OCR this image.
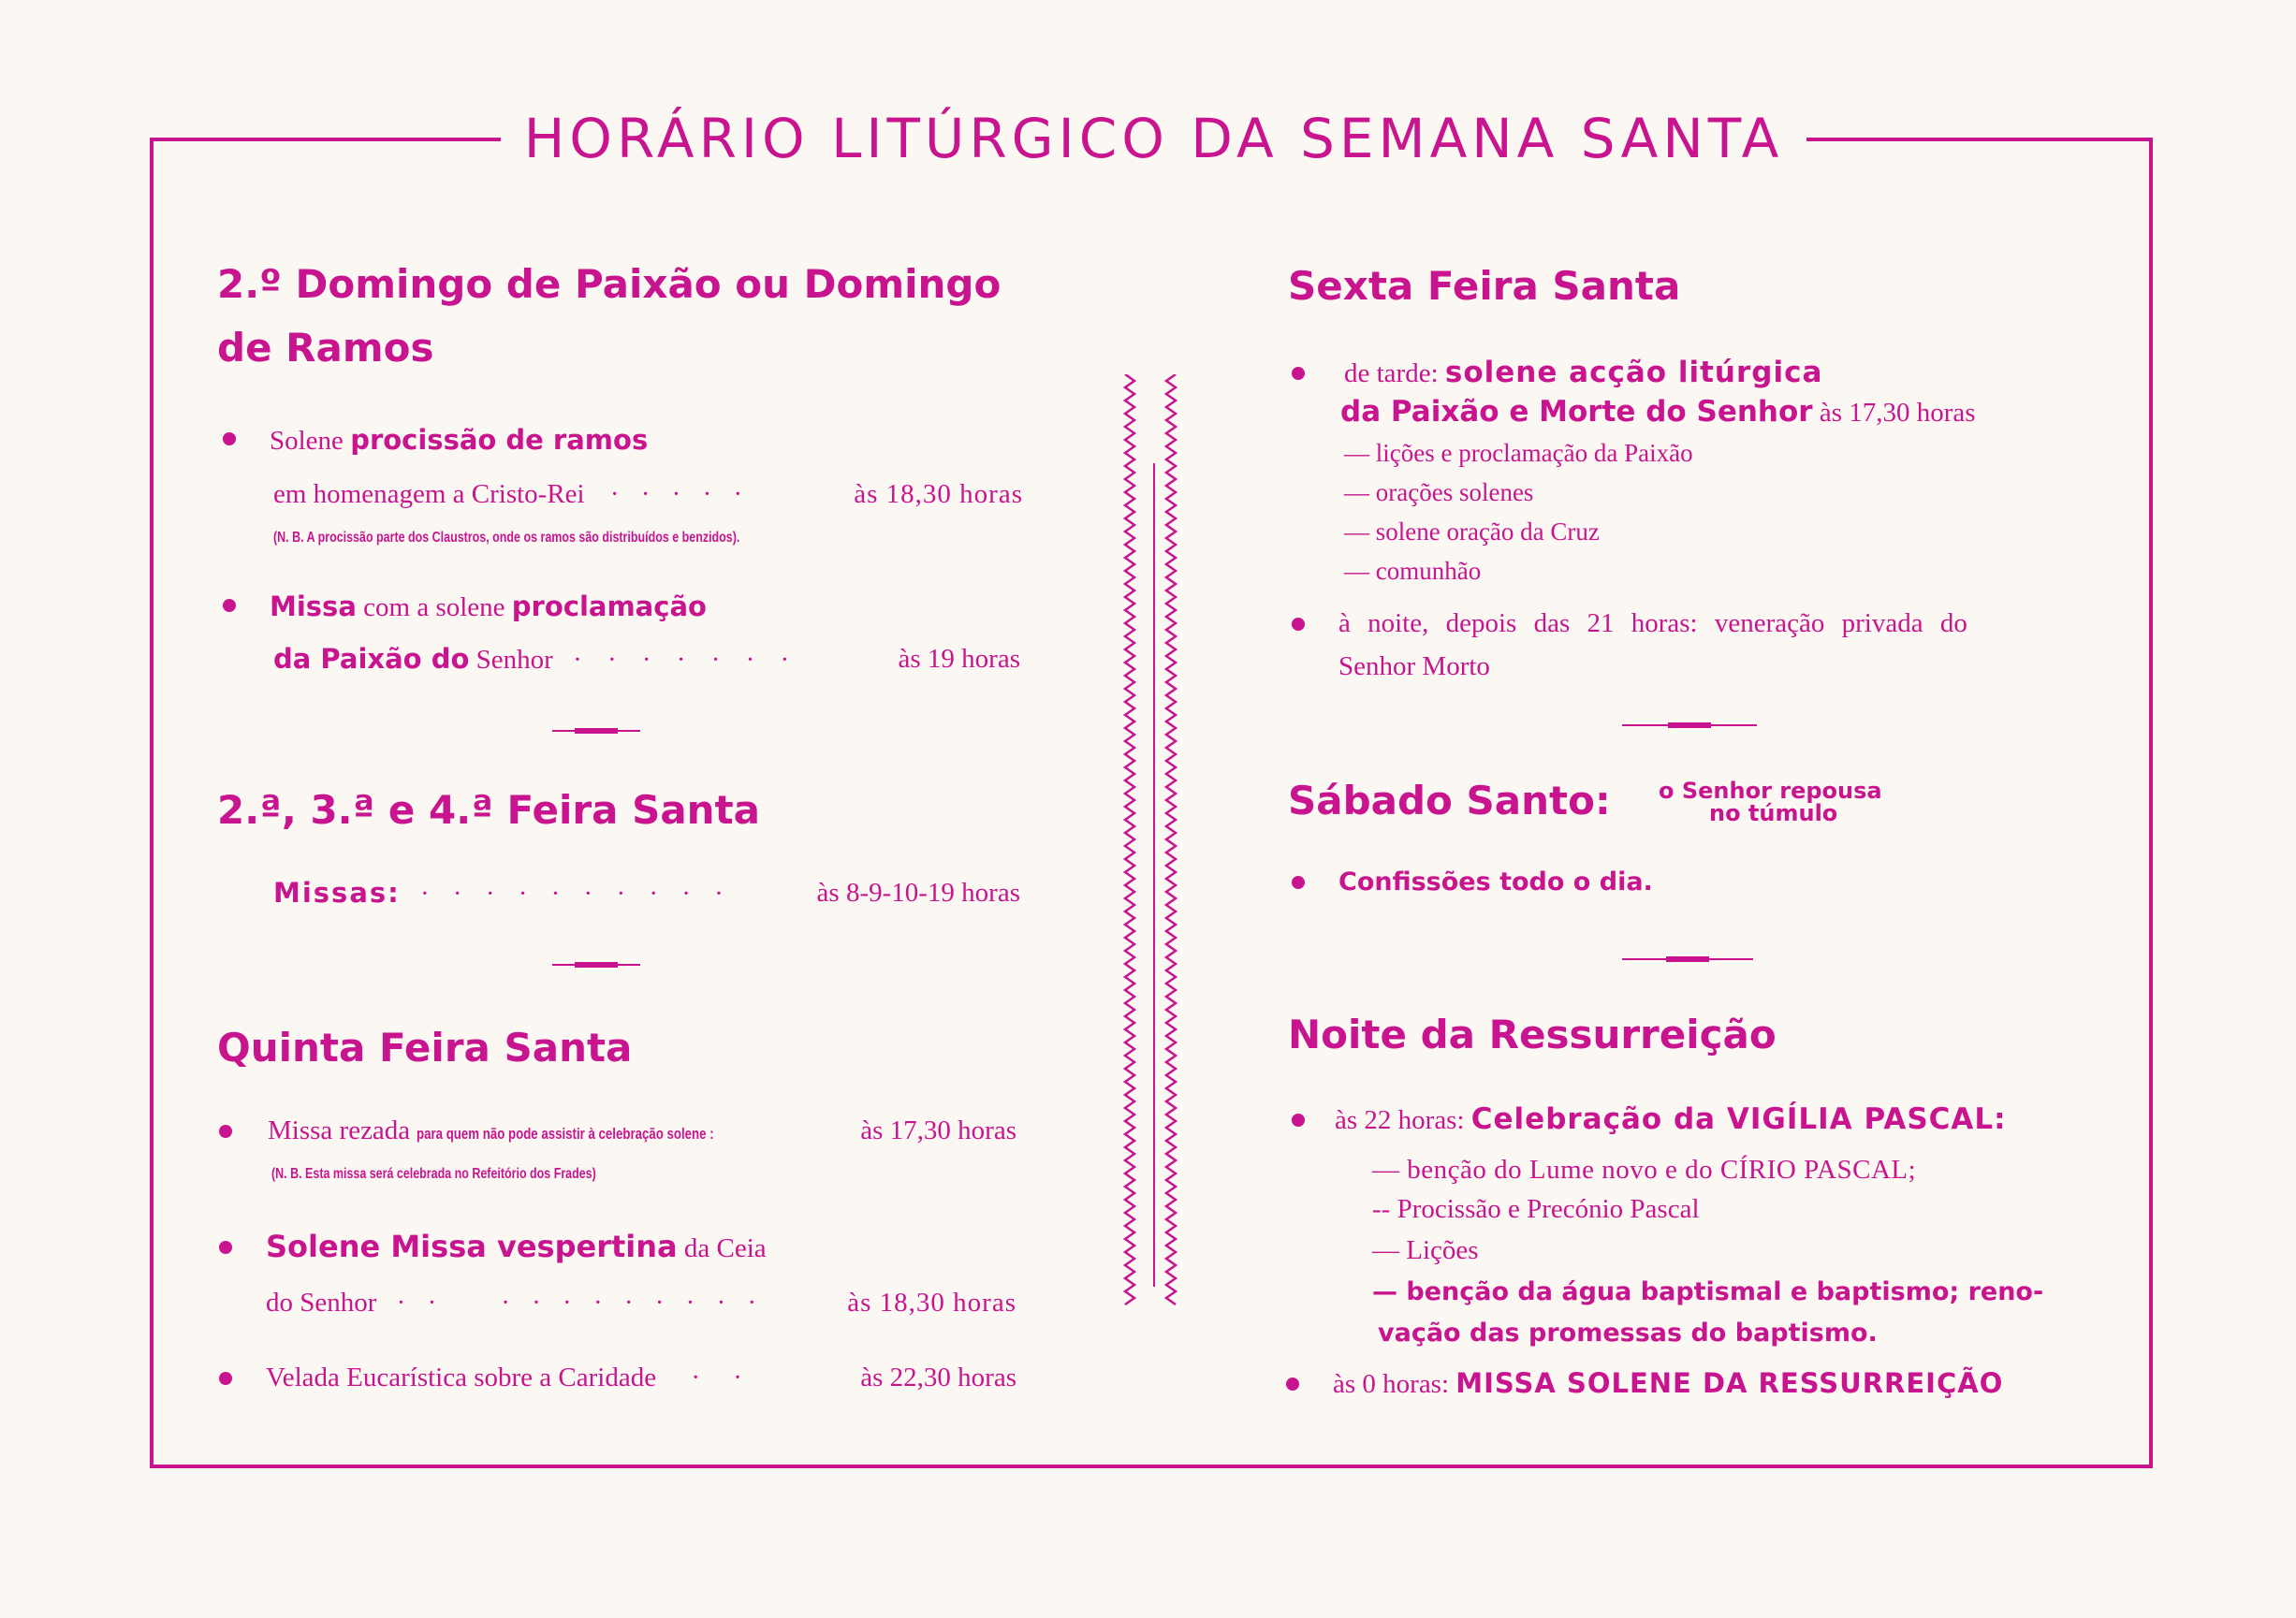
HORÁRIO LITÚRGICO DA SEMANA SANTA
2.º Domingo de Paixão ou Domingo
de Ramos
Solene procissão de ramos
em homenagem a Cristo-Rei · · · · ·	às 18,30 horas
(N. B. A procissão parte dos Claustros, onde os ramos são distribuídos e benzidos).
Missa com a solene proclamação
da Paixão do Senhor · · · · · · ·	às 19 horas
2.ª, 3.ª e 4.ª Feira Santa
Missas: · · · · · · · · · ·	às 8-9-10-19 horas
Quinta Feira Santa
Missa rezada para quem não pode assistir à celebração solene :	às 17,30 horas
(N. B. Esta missa será celebrada no Refeitório dos Frades)
Solene Missa vespertina da Ceia
do Senhor · ·    · · · · · · · · ·	às 18,30 horas
Velada Eucarística sobre a Caridade · ·	às 22,30 horas
Sexta Feira Santa
de tarde: solene acção litúrgica
da Paixão e Morte do Senhor às 17,30 horas
— lições e proclamação da Paixão
— orações solenes
— solene oração da Cruz
— comunhão
à noite, depois das 21 horas: veneração privada do
Senhor Morto
Sábado Santo: o Senhor repousa
no túmulo
Confissões todo o dia.
Noite da Ressurreição
às 22 horas: Celebração da VIGÍLIA PASCAL:
— benção do Lume novo e do CÍRIO PASCAL;
-- Procissão e Precónio Pascal
— Lições
— benção da água baptismal e baptismo; reno-
vação das promessas do baptismo.
às 0 horas: MISSA SOLENE DA RESSURREIÇÃO
